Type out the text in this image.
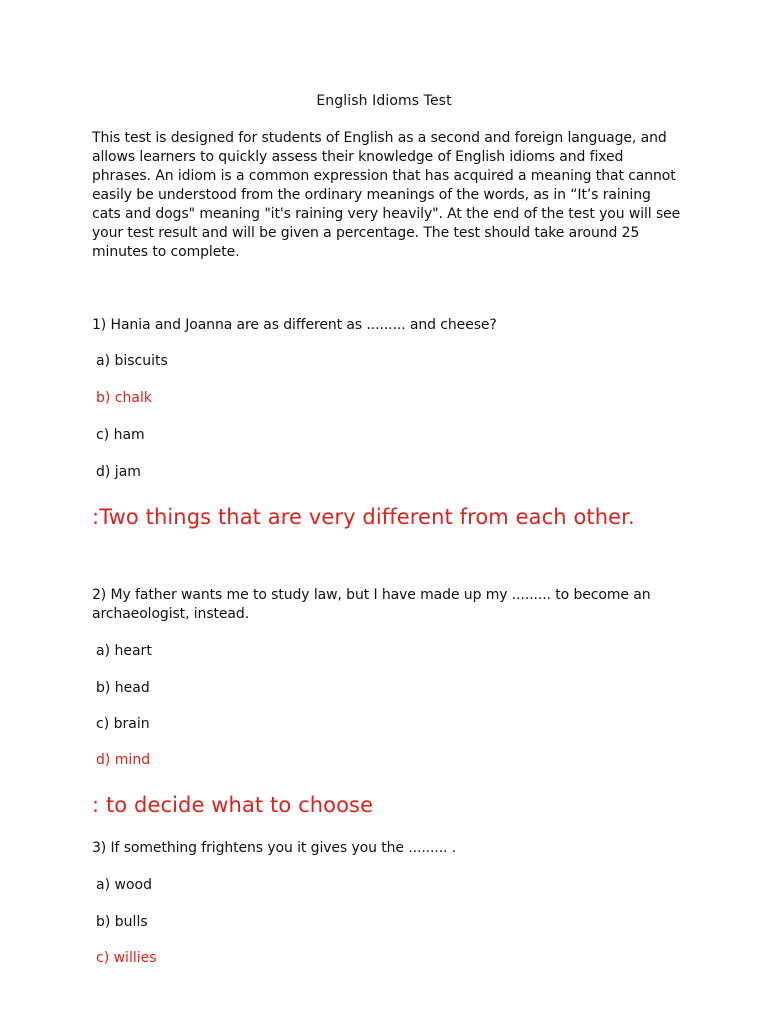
English Idioms Test
This test is designed for students of English as a second and foreign language, and allows learners to quickly assess their knowledge of English idioms and fixed phrases. An idiom is a common expression that has acquired a meaning that cannot easily be understood from the ordinary meanings of the words, as in “It’s raining cats and dogs" meaning "it's raining very heavily". At the end of the test you will see your test result and will be given a percentage. The test should take around 25 minutes to complete.
1) Hania and Joanna are as different as ......... and cheese?
a) biscuits
b) chalk
c) ham
d) jam
:Two things that are very different from each other.
2) My father wants me to study law, but I have made up my ......... to become an archaeologist, instead.
a) heart
b) head
c) brain
d) mind
: to decide what to choose
3) If something frightens you it gives you the ......... .
a) wood
b) bulls
c) willies
